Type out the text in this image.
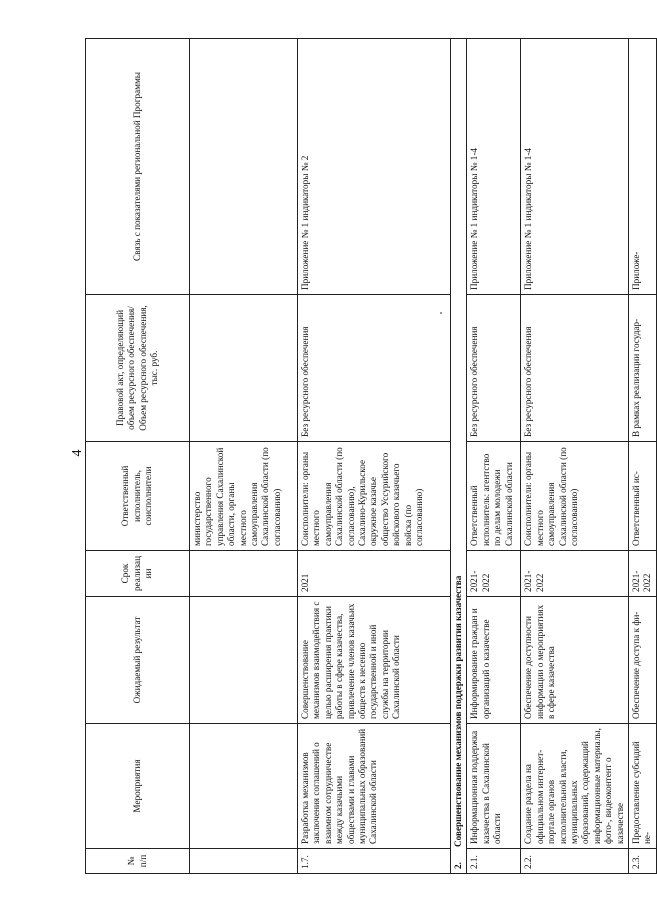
4
№ п/п	Мероприятия	Ожидаемый результат	Срок реализации	Ответственный исполнитель, соисполнители	Правовой акт, определяющий объем ресурсного обеспечения/Объем ресурсного обеспечения, тыс. руб.	Связь с показателями региональной Программы
				министерство государственного управления Сахалинской области, органы местного самоуправления Сахалинской области (по согласованию)		
1.7.	Разработка механизмов заключения соглашений о взаимном сотрудничестве между казачьими обществами и главами муниципальных образований Сахалинской области	Совершенствование механизмов взаимодействия с целью расширения практики работы в сфере казачества, привлечение членов казачьих обществ к несению государственной и иной службы на территории Сахалинской области	2021	Соисполнители: органы местного самоуправления Сахалинской области (по согласованию), Сахалино-Курильское окружное казачье общество Уссурийского войскового казачьего войска (по согласованию)	Без ресурсного обеспечения	Приложение № 1 индикаторы № 2
2.Совершенствование механизмов поддержки развития казачества						
2.1.	Информационная поддержка казачества в Сахалинской области	Информирование граждан и организаций о казачестве	2021-2022	Ответственный исполнитель: агентство по делам молодежи Сахалинской области	Без ресурсного обеспечения	Приложение № 1 индикаторы № 1-4
2.2.	Создание раздела на официальном интернет-портале органов исполнительной власти, муниципальных образований, содержащий информационные материалы, фото-, видеоконтент о казачестве	Обеспечение доступности информации о мероприятиях в сфере казачества	2021-2022	Соисполнители: органы местного самоуправления Сахалинской области (по согласованию)	Без ресурсного обеспечения	Приложение № 1 индикаторы № 1-4
2.3.	Предоставление субсидий не-	Обеспечение доступа к фи-	2021-2022	Ответственный ис-	В рамках реализации государ-	Приложе-
